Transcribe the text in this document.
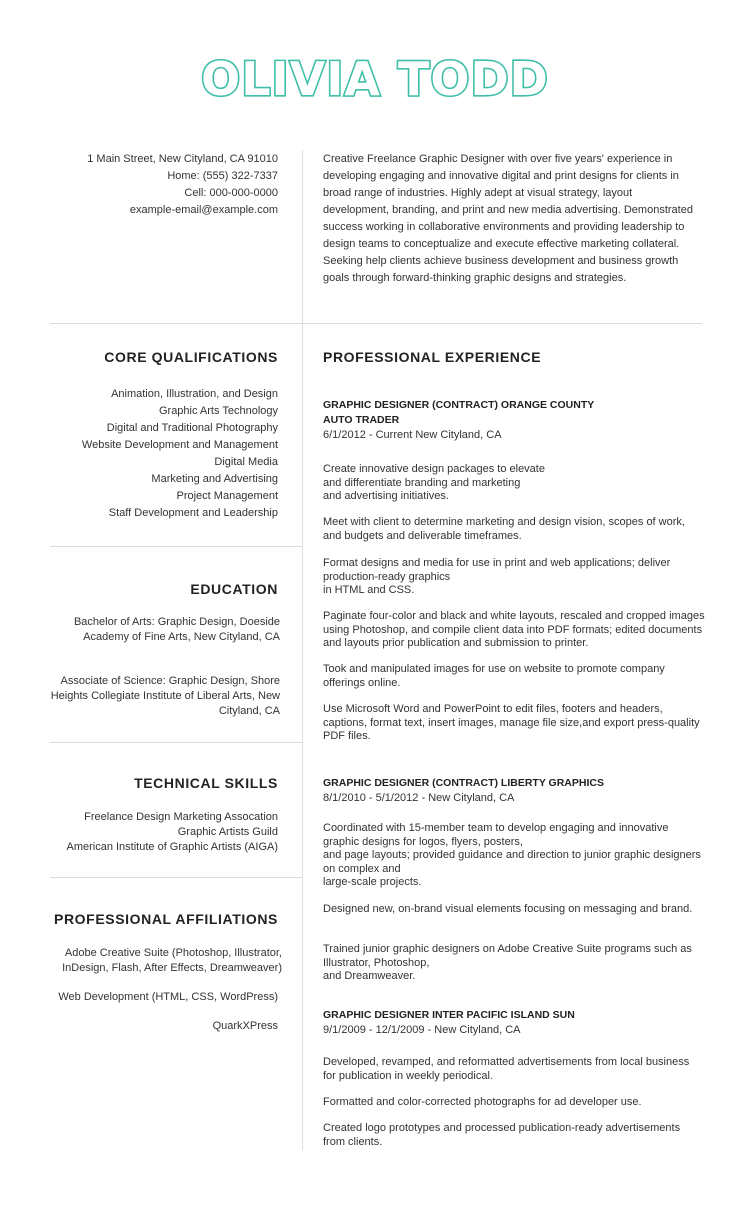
OLIVIA TODD
1 Main Street, New Cityland, CA 91010
Home: (555) 322-7337
Cell: 000-000-0000
example-email@example.com
Creative Freelance Graphic Designer with over five years' experience in developing engaging and innovative digital and print designs for clients in broad range of industries. Highly adept at visual strategy, layout development, branding, and print and new media advertising. Demonstrated success working in collaborative environments and providing leadership to design teams to conceptualize and execute effective marketing collateral. Seeking help clients achieve business development and business growth goals through forward-thinking graphic designs and strategies.
CORE QUALIFICATIONS
Animation, Illustration, and Design
Graphic Arts Technology
Digital and Traditional Photography
Website Development and Management
Digital Media
Marketing and Advertising
Project Management
Staff Development and Leadership
EDUCATION
Bachelor of Arts: Graphic Design, Doeside Academy of Fine Arts, New Cityland, CA
Associate of Science: Graphic Design, Shore Heights Collegiate Institute of Liberal Arts, New Cityland, CA
TECHNICAL SKILLS
Freelance Design Marketing Assocation
Graphic Artists Guild
American Institute of Graphic Artists (AIGA)
PROFESSIONAL AFFILIATIONS
Adobe Creative Suite (Photoshop, Illustrator, InDesign, Flash, After Effects, Dreamweaver)
Web Development (HTML, CSS, WordPress)
QuarkXPress
PROFESSIONAL EXPERIENCE
GRAPHIC DESIGNER (CONTRACT) ORANGE COUNTY AUTO TRADER
6/1/2012 - Current New Cityland, CA
Create innovative design packages to elevate
and differentiate branding and marketing
and advertising initiatives.
Meet with client to determine marketing and design vision, scopes of work, and budgets and deliverable timeframes.
Format designs and media for use in print and web applications; deliver production-ready graphics
in HTML and CSS.
Paginate four-color and black and white layouts, rescaled and cropped images using Photoshop, and compile client data into PDF formats; edited documents and layouts prior publication and submission to printer.
Took and manipulated images for use on website to promote company offerings online.
Use Microsoft Word and PowerPoint to edit files, footers and headers, captions, format text, insert images, manage file size,and export press-quality PDF files.
GRAPHIC DESIGNER (CONTRACT) LIBERTY GRAPHICS
8/1/2010 - 5/1/2012 - New Cityland, CA
Coordinated with 15-member team to develop engaging and innovative graphic designs for logos, flyers, posters,
and page layouts; provided guidance and direction to junior graphic designers on complex and
large-scale projects.
Designed new, on-brand visual elements focusing on messaging and brand.
Trained junior graphic designers on Adobe Creative Suite programs such as Illustrator, Photoshop,
and Dreamweaver.
GRAPHIC DESIGNER INTER PACIFIC ISLAND SUN
9/1/2009 - 12/1/2009 - New Cityland, CA
Developed, revamped, and reformatted advertisements from local business for publication in weekly periodical.
Formatted and color-corrected photographs for ad developer use.
Created logo prototypes and processed publication-ready advertisements from clients.
